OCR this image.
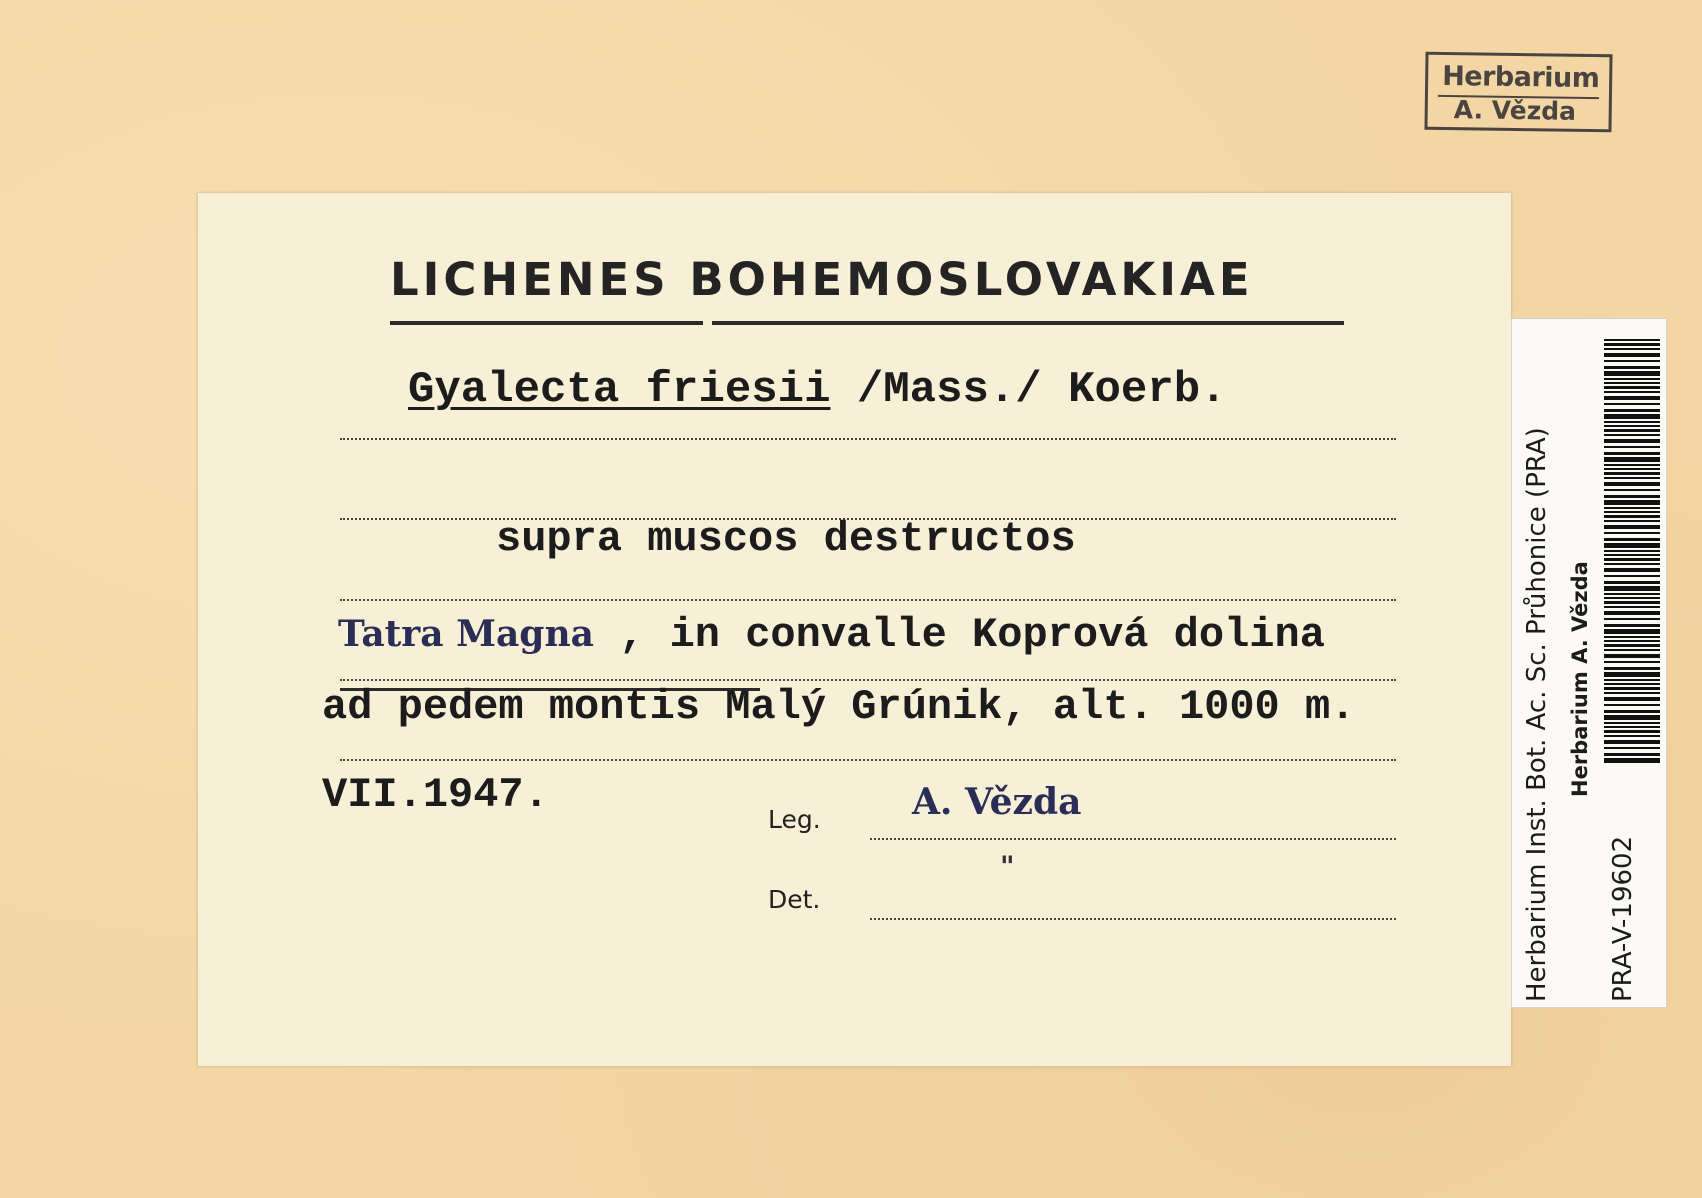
Herbarium
A. Vězda
LICHENES BOHEMOSLOVAKIAE
Gyalecta friesii /Mass./ Koerb.
supra muscos destructos
Tatra Magna , in convalle Koprová dolina
ad pedem montis Malý Grúnik, alt. 1000 m.
VII.1947.
Leg.	A. Vězda
"
Det.	Herbarium Inst. Bot. Ac. Sc. Průhonice (PRA) Herbarium A. Vězda
PRA-V-19602
